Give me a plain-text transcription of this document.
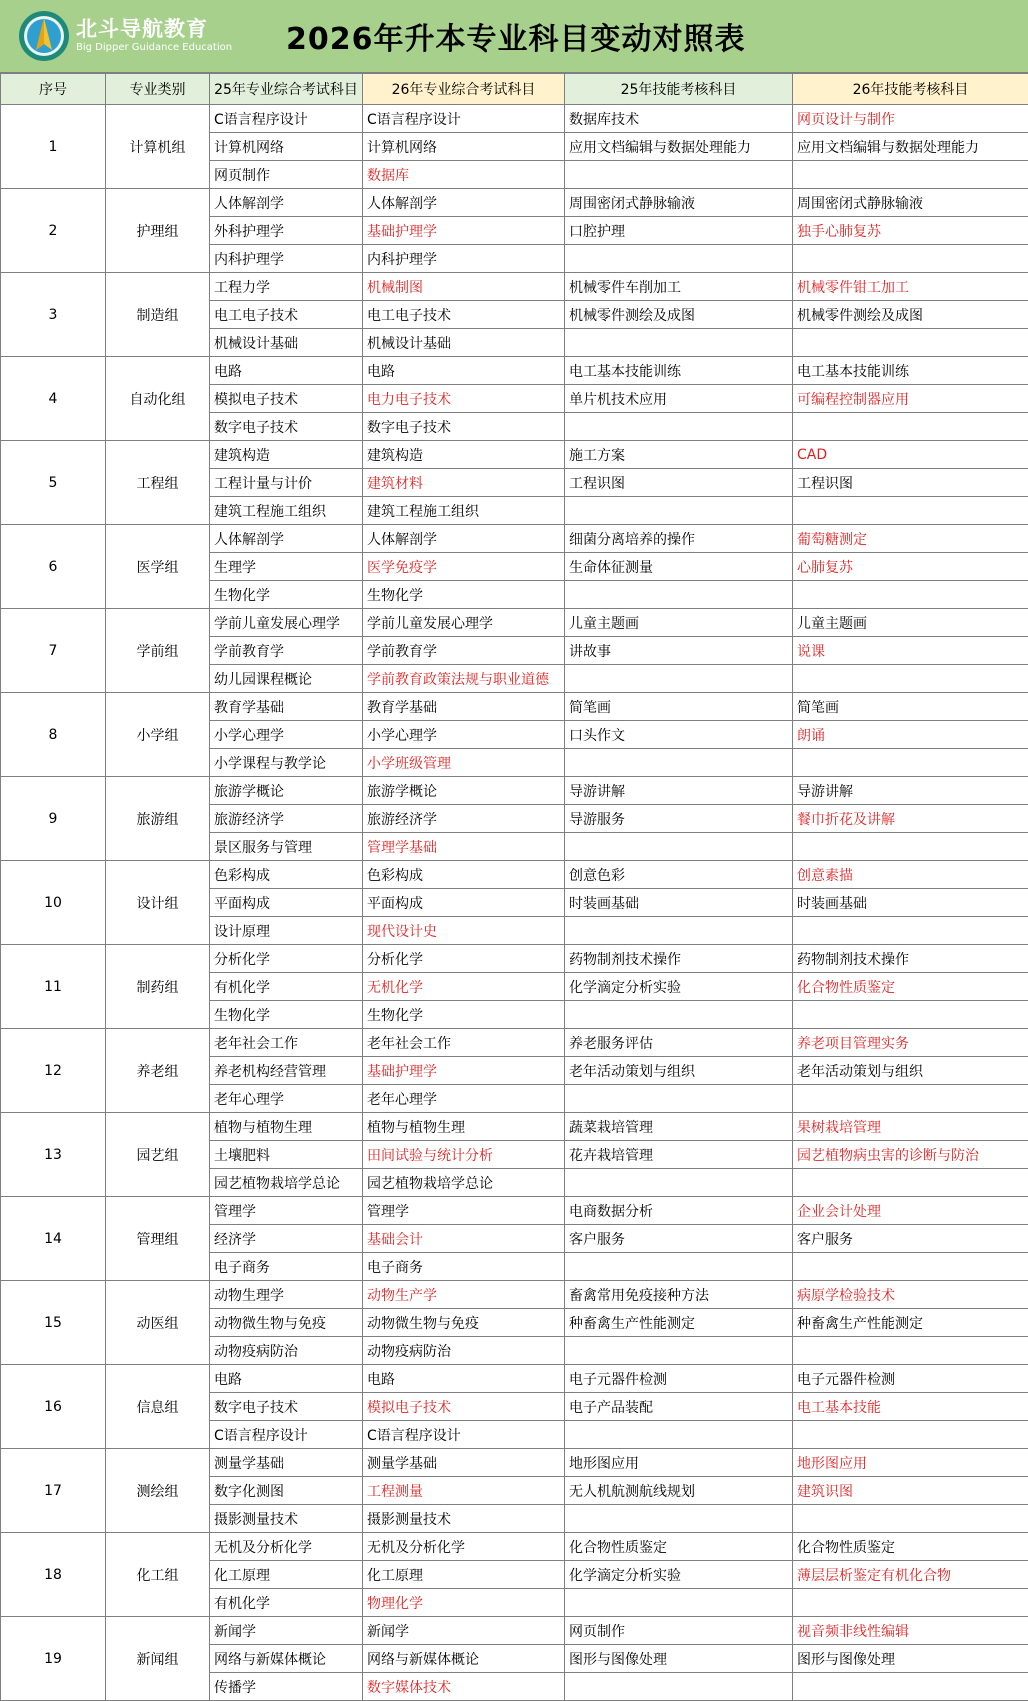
北斗导航教育
Big Dipper Guidance Education 2026年升本专业科目变动对照表
序号	专业类别	25年专业综合考试科目	26年专业综合考试科目	25年技能考核科目	26年技能考核科目
1	计算机组	C语言程序设计	C语言程序设计	数据库技术	网页设计与制作
		计算机网络	计算机网络	应用文档编辑与数据处理能力	应用文档编辑与数据处理能力
		网页制作	数据库		
2	护理组	人体解剖学	人体解剖学	周围密闭式静脉输液	周围密闭式静脉输液
		外科护理学	基础护理学	口腔护理	独手心肺复苏
		内科护理学	内科护理学		
3	制造组	工程力学	机械制图	机械零件车削加工	机械零件钳工加工
		电工电子技术	电工电子技术	机械零件测绘及成图	机械零件测绘及成图
		机械设计基础	机械设计基础		
4	自动化组	电路	电路	电工基本技能训练	电工基本技能训练
		模拟电子技术	电力电子技术	单片机技术应用	可编程控制器应用
		数字电子技术	数字电子技术		
5	工程组	建筑构造	建筑构造	施工方案	CAD
		工程计量与计价	建筑材料	工程识图	工程识图
		建筑工程施工组织	建筑工程施工组织		
6	医学组	人体解剖学	人体解剖学	细菌分离培养的操作	葡萄糖测定
		生理学	医学免疫学	生命体征测量	心肺复苏
		生物化学	生物化学		
7	学前组	学前儿童发展心理学	学前儿童发展心理学	儿童主题画	儿童主题画
		学前教育学	学前教育学	讲故事	说课
		幼儿园课程概论	学前教育政策法规与职业道德		
8	小学组	教育学基础	教育学基础	简笔画	简笔画
		小学心理学	小学心理学	口头作文	朗诵
		小学课程与教学论	小学班级管理		
9	旅游组	旅游学概论	旅游学概论	导游讲解	导游讲解
		旅游经济学	旅游经济学	导游服务	餐巾折花及讲解
		景区服务与管理	管理学基础		
10	设计组	色彩构成	色彩构成	创意色彩	创意素描
		平面构成	平面构成	时装画基础	时装画基础
		设计原理	现代设计史		
11	制药组	分析化学	分析化学	药物制剂技术操作	药物制剂技术操作
		有机化学	无机化学	化学滴定分析实验	化合物性质鉴定
		生物化学	生物化学		
12	养老组	老年社会工作	老年社会工作	养老服务评估	养老项目管理实务
		养老机构经营管理	基础护理学	老年活动策划与组织	老年活动策划与组织
		老年心理学	老年心理学		
13	园艺组	植物与植物生理	植物与植物生理	蔬菜栽培管理	果树栽培管理
		土壤肥料	田间试验与统计分析	花卉栽培管理	园艺植物病虫害的诊断与防治
		园艺植物栽培学总论	园艺植物栽培学总论		
14	管理组	管理学	管理学	电商数据分析	企业会计处理
		经济学	基础会计	客户服务	客户服务
		电子商务	电子商务		
15	动医组	动物生理学	动物生产学	畜禽常用免疫接种方法	病原学检验技术
		动物微生物与免疫	动物微生物与免疫	种畜禽生产性能测定	种畜禽生产性能测定
		动物疫病防治	动物疫病防治		
16	信息组	电路	电路	电子元器件检测	电子元器件检测
		数字电子技术	模拟电子技术	电子产品装配	电工基本技能
		C语言程序设计	C语言程序设计		
17	测绘组	测量学基础	测量学基础	地形图应用	地形图应用
		数字化测图	工程测量	无人机航测航线规划	建筑识图
		摄影测量技术	摄影测量技术		
18	化工组	无机及分析化学	无机及分析化学	化合物性质鉴定	化合物性质鉴定
		化工原理	化工原理	化学滴定分析实验	薄层层析鉴定有机化合物
		有机化学	物理化学		
19	新闻组	新闻学	新闻学	网页制作	视音频非线性编辑
		网络与新媒体概论	网络与新媒体概论	图形与图像处理	图形与图像处理
		传播学	数字媒体技术		
